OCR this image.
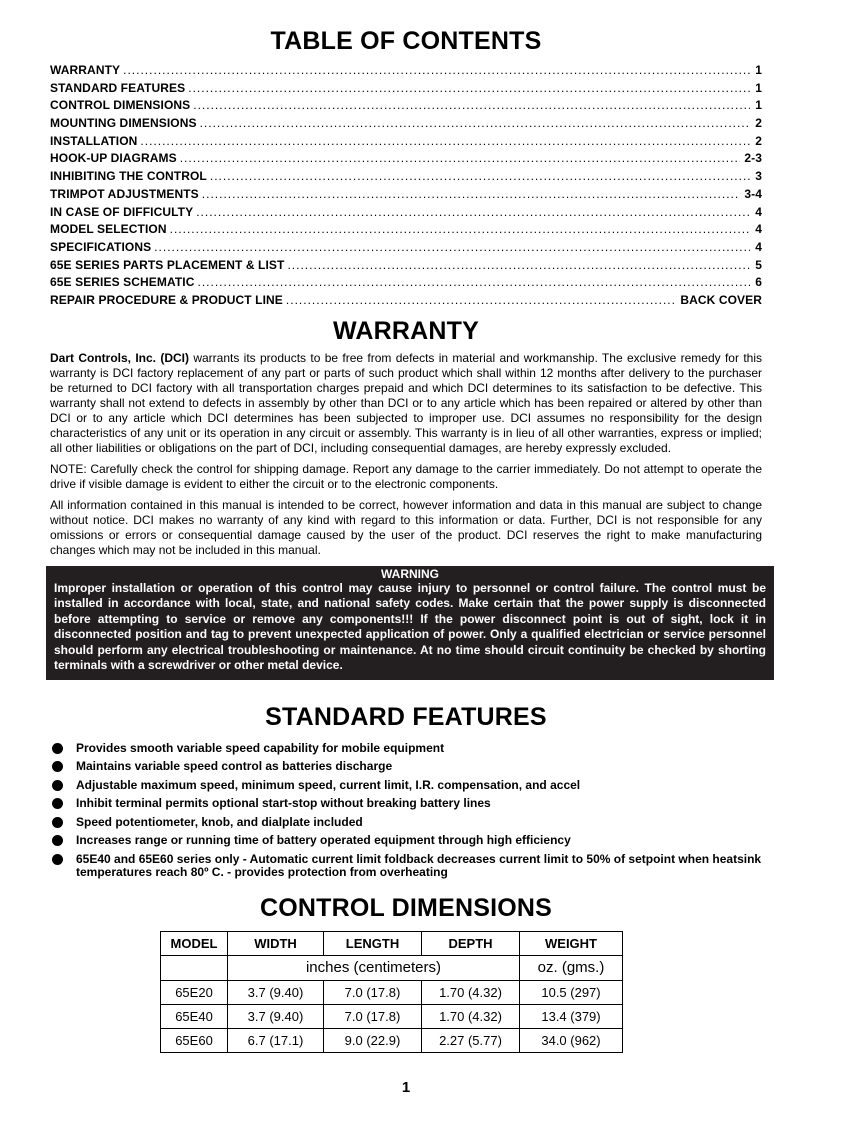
TABLE OF CONTENTS
WARRANTY .....	1
STANDARD FEATURES .....	1
CONTROL DIMENSIONS .....	1
MOUNTING DIMENSIONS .....	2
INSTALLATION .....	2
HOOK-UP DIAGRAMS .....	2-3
INHIBITING THE CONTROL .....	3
TRIMPOT ADJUSTMENTS .....	3-4
IN CASE OF DIFFICULTY .....	4
MODEL SELECTION .....	4
SPECIFICATIONS .....	4
65E SERIES PARTS PLACEMENT & LIST .....	5
65E SERIES SCHEMATIC .....	6
REPAIR PROCEDURE & PRODUCT LINE .....	BACK COVER
WARRANTY

Dart Controls, Inc. (DCI) warrants its products to be free from defects in material and workmanship. The exclusive remedy for this warranty is DCI factory replacement of any part or parts of such product which shall within 12 months after delivery to the purchaser be returned to DCI factory with all transportation charges prepaid and which DCI determines to its satisfaction to be defective. This warranty shall not extend to defects in assembly by other than DCI or to any article which has been repaired or altered by other than DCI or to any article which DCI determines has been subjected to improper use. DCI assumes no responsibility for the design characteristics of any unit or its operation in any circuit or assembly. This warranty is in lieu of all other warranties, express or implied; all other liabilities or obligations on the part of DCI, including consequential damages, are hereby expressly excluded.

NOTE: Carefully check the control for shipping damage. Report any damage to the carrier immediately. Do not attempt to operate the drive if visible damage is evident to either the circuit or to the electronic components.

All information contained in this manual is intended to be correct, however information and data in this manual are subject to change without notice. DCI makes no warranty of any kind with regard to this information or data. Further, DCI is not responsible for any omissions or errors or consequential damage caused by the user of the product. DCI reserves the right to make manufacturing changes which may not be included in this manual.

WARNING
Improper installation or operation of this control may cause injury to personnel or control failure. The control must be installed in accordance with local, state, and national safety codes. Make certain that the power supply is disconnected before attempting to service or remove any components!!! If the power disconnect point is out of sight, lock it in disconnected position and tag to prevent unexpected application of power. Only a qualified electrician or service personnel should perform any electrical troubleshooting or maintenance. At no time should circuit continuity be checked by shorting terminals with a screwdriver or other metal device.
STANDARD FEATURES
Provides smooth variable speed capability for mobile equipment
Maintains variable speed control as batteries discharge
Adjustable maximum speed, minimum speed, current limit, I.R. compensation, and accel
Inhibit terminal permits optional start-stop without breaking battery lines
Speed potentiometer, knob, and dialplate included
Increases range or running time of battery operated equipment through high efficiency
65E40 and 65E60 series only - Automatic current limit foldback decreases current limit to 50% of setpoint when heatsink temperatures reach 80º C. - provides protection from overheating
CONTROL DIMENSIONS
MODEL	WIDTH	LENGTH	DEPTH	WEIGHT
	inches (centimeters)			oz. (gms.)
65E20	3.7 (9.40)	7.0 (17.8)	1.70 (4.32)	10.5 (297)
65E40	3.7 (9.40)	7.0 (17.8)	1.70 (4.32)	13.4 (379)
65E60	6.7 (17.1)	9.0 (22.9)	2.27 (5.77)	34.0 (962)
1
